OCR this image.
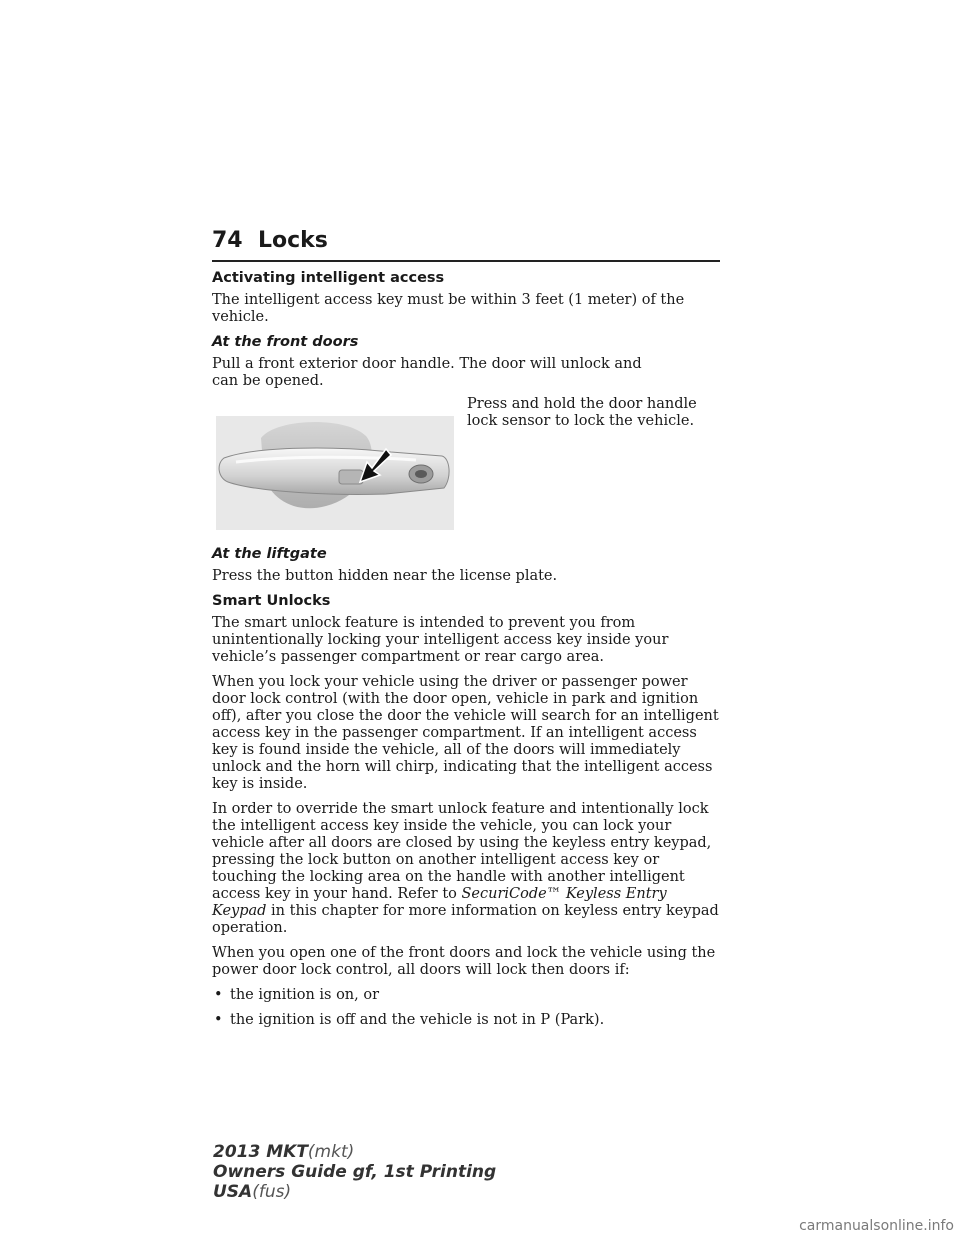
74 Locks
Activating intelligent access

The intelligent access key must be within 3 feet (1 meter) of the vehicle.

At the front doors

Pull a front exterior door handle. The door will unlock and can be opened.

Press and hold the door handle lock sensor to lock the vehicle.

At the liftgate

Press the button hidden near the license plate.

Smart Unlocks

The smart unlock feature is intended to prevent you from unintentionally locking your intelligent access key inside your vehicle’s passenger compartment or rear cargo area.

When you lock your vehicle using the driver or passenger power door lock control (with the door open, vehicle in park and ignition off), after you close the door the vehicle will search for an intelligent access key in the passenger compartment. If an intelligent access key is found inside the vehicle, all of the doors will immediately unlock and the horn will chirp, indicating that the intelligent access key is inside.

In order to override the smart unlock feature and intentionally lock the intelligent access key inside the vehicle, you can lock your vehicle after all doors are closed by using the keyless entry keypad, pressing the lock button on another intelligent access key or touching the locking area on the handle with another intelligent access key in your hand. Refer to SecuriCode™ Keyless Entry Keypad in this chapter for more information on keyless entry keypad operation.

When you open one of the front doors and lock the vehicle using the power door lock control, all doors will lock then doors if:

• the ignition is on, or

• the ignition is off and the vehicle is not in P (Park).

2013 MKT(mkt)
Owners Guide gf, 1st Printing
USA(fus)
carmanualsonline.info
